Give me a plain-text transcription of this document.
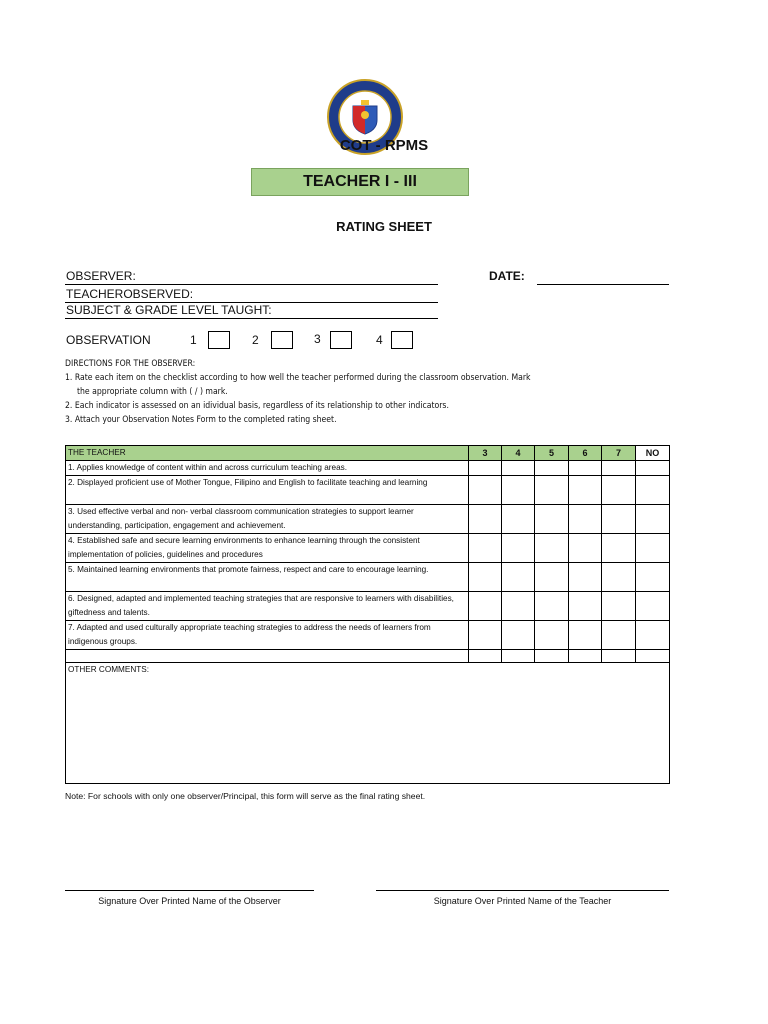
COT - RPMS
TEACHER I - III
RATING SHEET
OBSERVER:	DATE:
TEACHEROBSERVED:
SUBJECT & GRADE LEVEL TAUGHT:
OBSERVATION	1	2	3	4
DIRECTIONS FOR THE OBSERVER:
1. Rate each item on the checklist according to how well the teacher performed during the classroom observation. Mark
the appropriate column with ( / ) mark.
2. Each indicator is assessed on an idividual basis, regardless of its relationship to other indicators.
3. Attach your Observation Notes Form to the completed rating sheet.
THE TEACHER	3	4	5	6	7	NO
1. Applies knowledge of content within and across curriculum teaching areas.						
2. Displayed proficient use of Mother Tongue, Filipino and English to facilitate teaching and learning						
3. Used effective verbal and non- verbal classroom communication strategies to support learner understanding, participation, engagement and achievement.						
4. Established safe and secure learning environments to enhance learning through the consistent implementation of policies, guidelines and procedures						
5. Maintained learning environments that promote fairness, respect and care to encourage learning.						
6. Designed, adapted and implemented teaching strategies that are responsive to learners with disabilities, giftedness and talents.						
7. Adapted and used culturally appropriate teaching strategies to address the needs of learners from indigenous groups.						

OTHER COMMENTS:						
Note: For schools with only one observer/Principal, this form will serve as the final rating sheet.
Signature Over Printed Name of the Observer	Signature Over Printed Name of the Teacher
